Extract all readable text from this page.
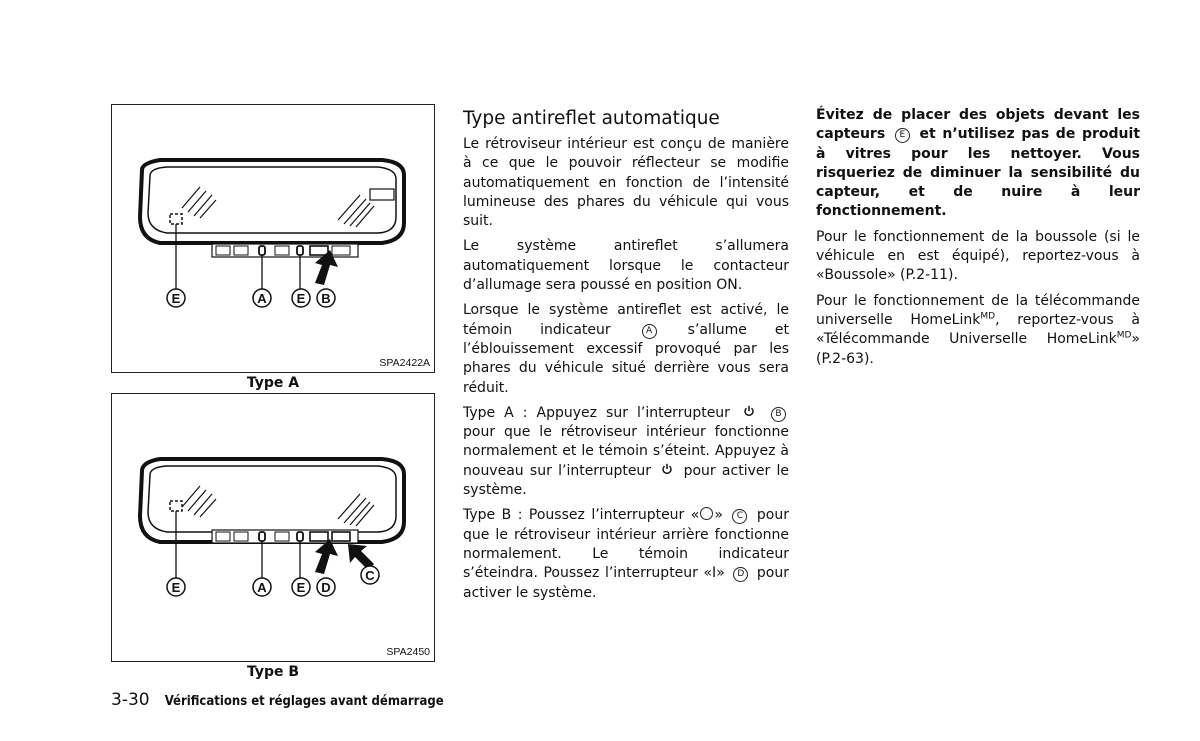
E	A E B
SPA2422A
Type A
E	A E D
C
SPA2450
Type B
Type antireflet automatique

Le rétroviseur intérieur est conçu de manière à ce que le pouvoir réflecteur se modifie automatiquement en fonction de l’intensité lumineuse des phares du véhicule qui vous suit.

Le système antireflet s’allumera automatiquement lorsque le contacteur d’allumage sera poussé en position ON.

Lorsque le système antireflet est activé, le témoin indicateur	A	s’allume et l’éblouissement excessif provoqué par les phares du véhicule situé derrière vous sera réduit.

Type A : Appuyez sur l’interrupteur	B pour que le rétroviseur intérieur fonctionne normalement et le témoin s’éteint. Appuyez à nouveau sur l’interrupteur pour activer le système.

Type B : Poussez l’interrupteur « » C pour que le rétroviseur intérieur arrière fonctionne normalement. Le témoin indicateur s’éteindra. Poussez l’interrupteur «I» D pour activer le système.

Évitez de placer des objets devant les capteurs E et n’utilisez pas de produit à vitres pour les nettoyer. Vous risqueriez de diminuer la sensibilité du capteur, et de nuire à leur fonctionnement.

Pour le fonctionnement de la boussole (si le véhicule en est équipé), reportez-vous à «Boussole» (P.2-11).

Pour le fonctionnement de la télécommande universelle HomeLink$^{MD}$, reportez-vous à «Télécommande Universelle HomeLink$^{MD}$» (P.2-63).

3-30 Vérifications et réglages avant démarrage
